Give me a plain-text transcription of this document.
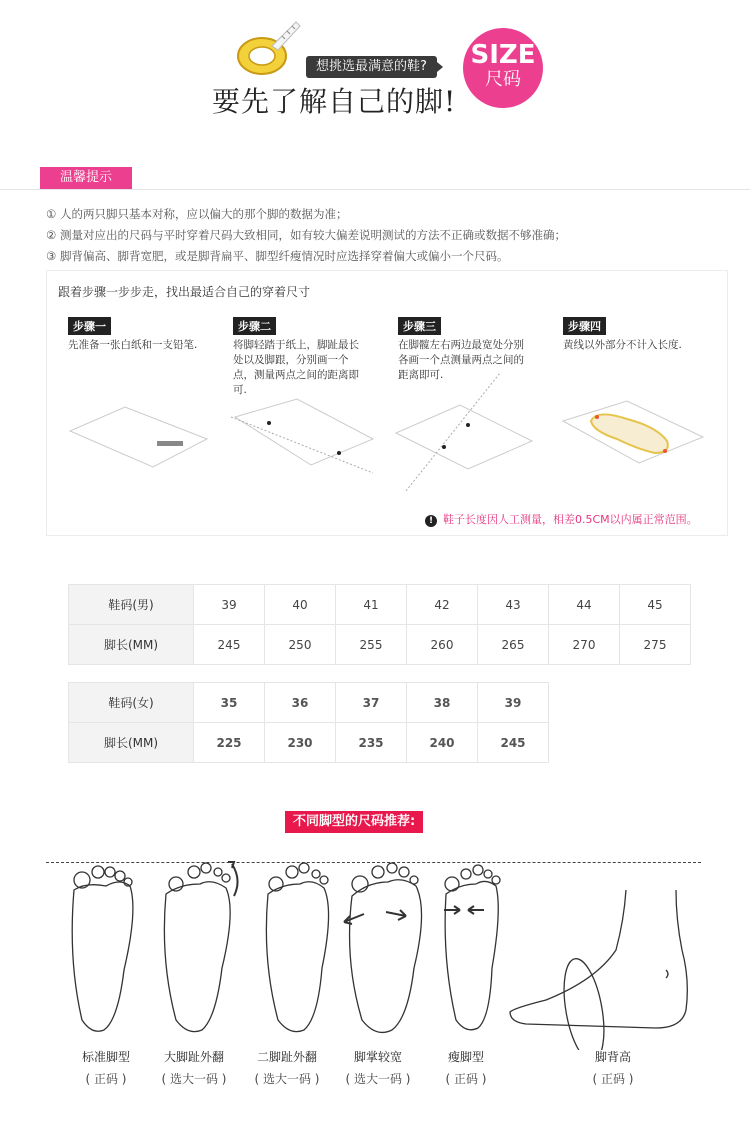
想挑选最满意的鞋?
要先了解自己的脚!
SIZE
尺码
温馨提示
① 人的两只脚只基本对称，应以偏大的那个脚的数据为准；
② 测量对应出的尺码与平时穿着尺码大致相同，如有较大偏差说明测试的方法不正确或数据不够准确；
③ 脚背偏高、脚背宽肥，或是脚背扁平、脚型纤瘦情况时应选择穿着偏大或偏小一个尺码。
跟着步骤一步步走，找出最适合自己的穿着尺寸
步骤一
先准备一张白纸和一支铅笔.
步骤二
将脚轻踏于纸上，脚趾最长处以及脚跟，分别画一个点，测量两点之间的距离即可.
步骤三
在脚髋左右两边最宽处分别各画一个点测量两点之间的距离即可.
步骤四
黄线以外部分不计入长度.
! 鞋子长度因人工测量，相差0.5CM以内属正常范围。
鞋码(男)	39	40	41	42	43	44	45
脚长(MM)	245	250	255	260	265	270	275
鞋码(女)	35	36	37	38	39
脚长(MM)	225	230	235	240	245
不同脚型的尺码推荐:
标准脚型
( 正码 )
大脚趾外翻
( 选大一码 )
二脚趾外翻
( 选大一码 )
脚掌较宽
( 选大一码 )
瘦脚型
( 正码 )
脚背高
( 正码 )
